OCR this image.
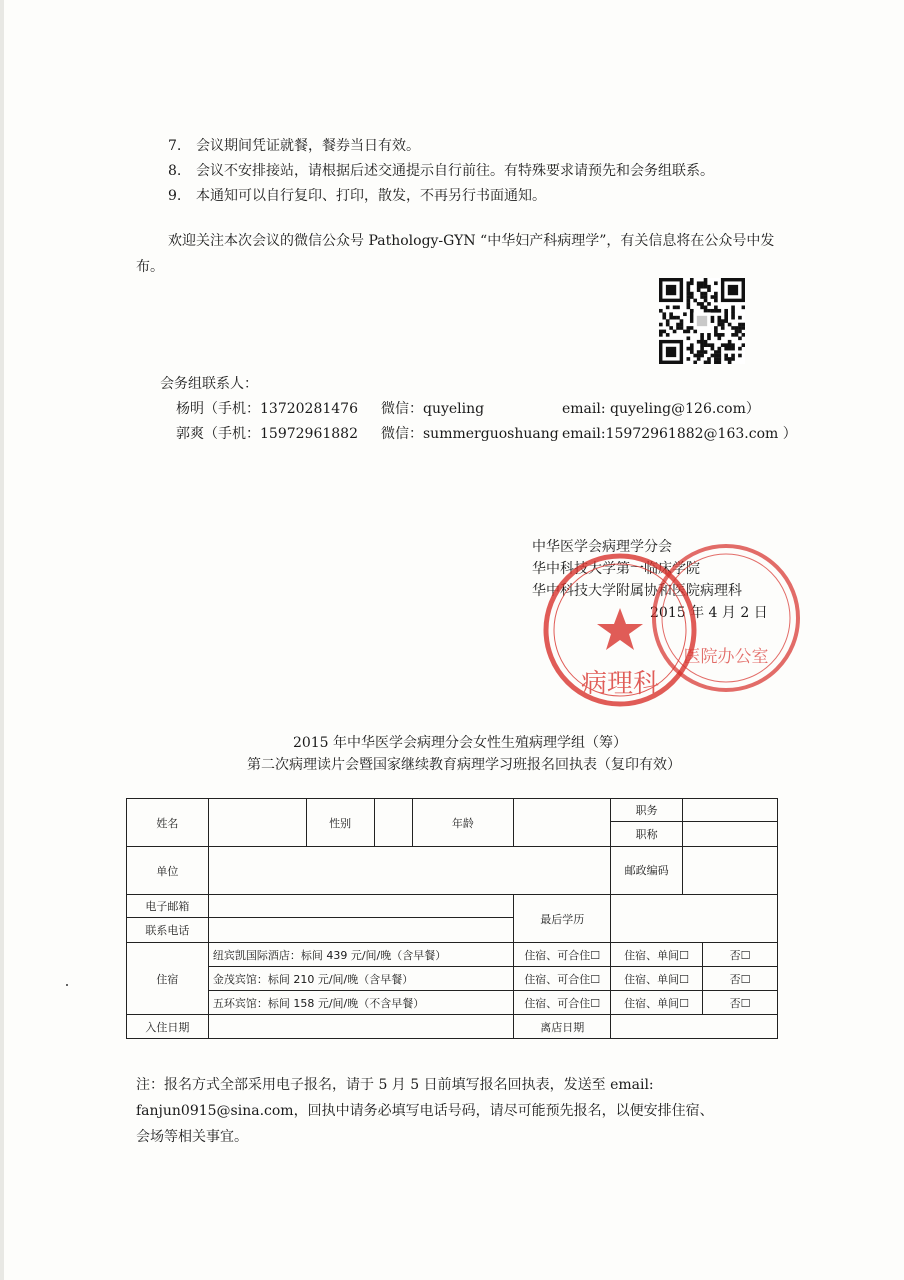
7. 会议期间凭证就餐，餐券当日有效。
8. 会议不安排接站，请根据后述交通提示自行前往。有特殊要求请预先和会务组联系。
9. 本通知可以自行复印、打印，散发，不再另行书面通知。
欢迎关注本次会议的微信公众号 Pathology-GYN “中华妇产科病理学”，有关信息将在公众号中发布。
会务组联系人：
杨明（手机：13720281476 微信：quyeling	email: quyeling@126.com）
郭爽（手机：15972961882 微信：summerguoshuang email:15972961882@163.com ）
中华医学会病理学分会
华中科技大学第一临床学院
华中科技大学附属协和医院病理科
2015 年 4 月 2 日
病理科
医院办公室
2015 年中华医学会病理分会女性生殖病理学组（筹）
第二次病理读片会暨国家继续教育病理学习班报名回执表（复印有效）
姓名		性别		年龄		职务		
						职称		
单位						邮政编码		
电子邮箱					最后学历			
联系电话								
住宿	纽宾凯国际酒店：标间 439 元/间/晚（含早餐）				住宿、可合住☐	住宿、单间☐		否☐
	金茂宾馆：标间 210 元/间/晚（含早餐）				住宿、可合住☐	住宿、单间☐		否☐
	五环宾馆：标间 158 元/间/晚（不含早餐）				住宿、可合住☐	住宿、单间☐		否☐
入住日期					离店日期			
注：报名方式全部采用电子报名，请于 5 月 5 日前填写报名回执表，发送至 email:
fanjun0915@sina.com，回执中请务必填写电话号码，请尽可能预先报名，以便安排住宿、
会场等相关事宜。
